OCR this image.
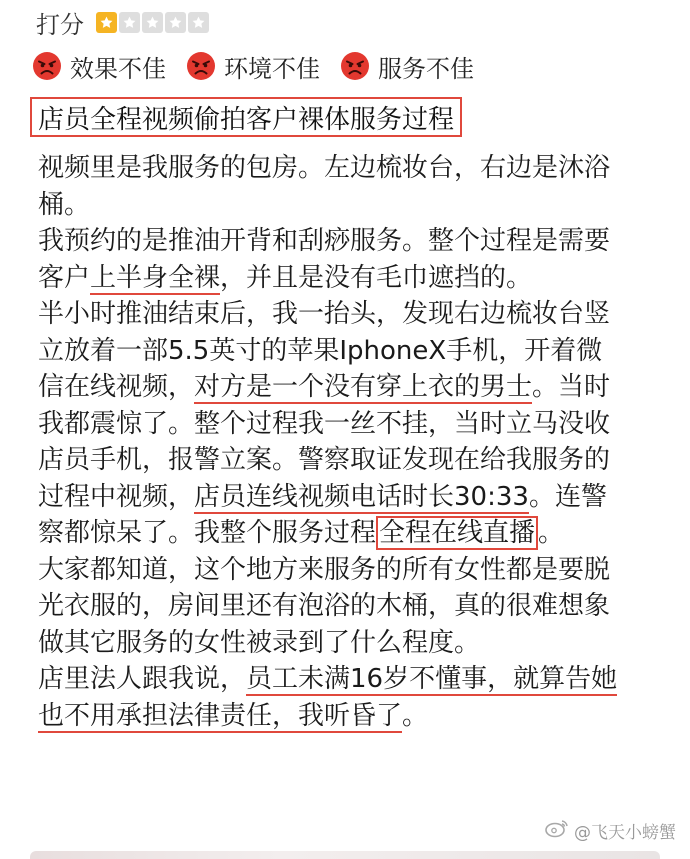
打分
效果不佳 环境不佳 服务不佳
店员全程视频偷拍客户裸体服务过程
视频里是我服务的包房。左边梳妆台，右边是沐浴
桶。
我预约的是推油开背和刮痧服务。整个过程是需要
客户上半身全裸，并且是没有毛巾遮挡的。
半小时推油结束后，我一抬头，发现右边梳妆台竖
立放着一部5.5英寸的苹果IphoneX手机，开着微
信在线视频，对方是一个没有穿上衣的男士。当时
我都震惊了。整个过程我一丝不挂，当时立马没收
店员手机，报警立案。警察取证发现在给我服务的
过程中视频，店员连线视频电话时长30:33。连警
察都惊呆了。我整个服务过程 全程在线直播 。
大家都知道，这个地方来服务的所有女性都是要脱
光衣服的，房间里还有泡浴的木桶，真的很难想象
做其它服务的女性被录到了什么程度。
店里法人跟我说，员工未满16岁不懂事，就算告她
也不用承担法律责任，我听昏了。
@飞天小螃蟹
